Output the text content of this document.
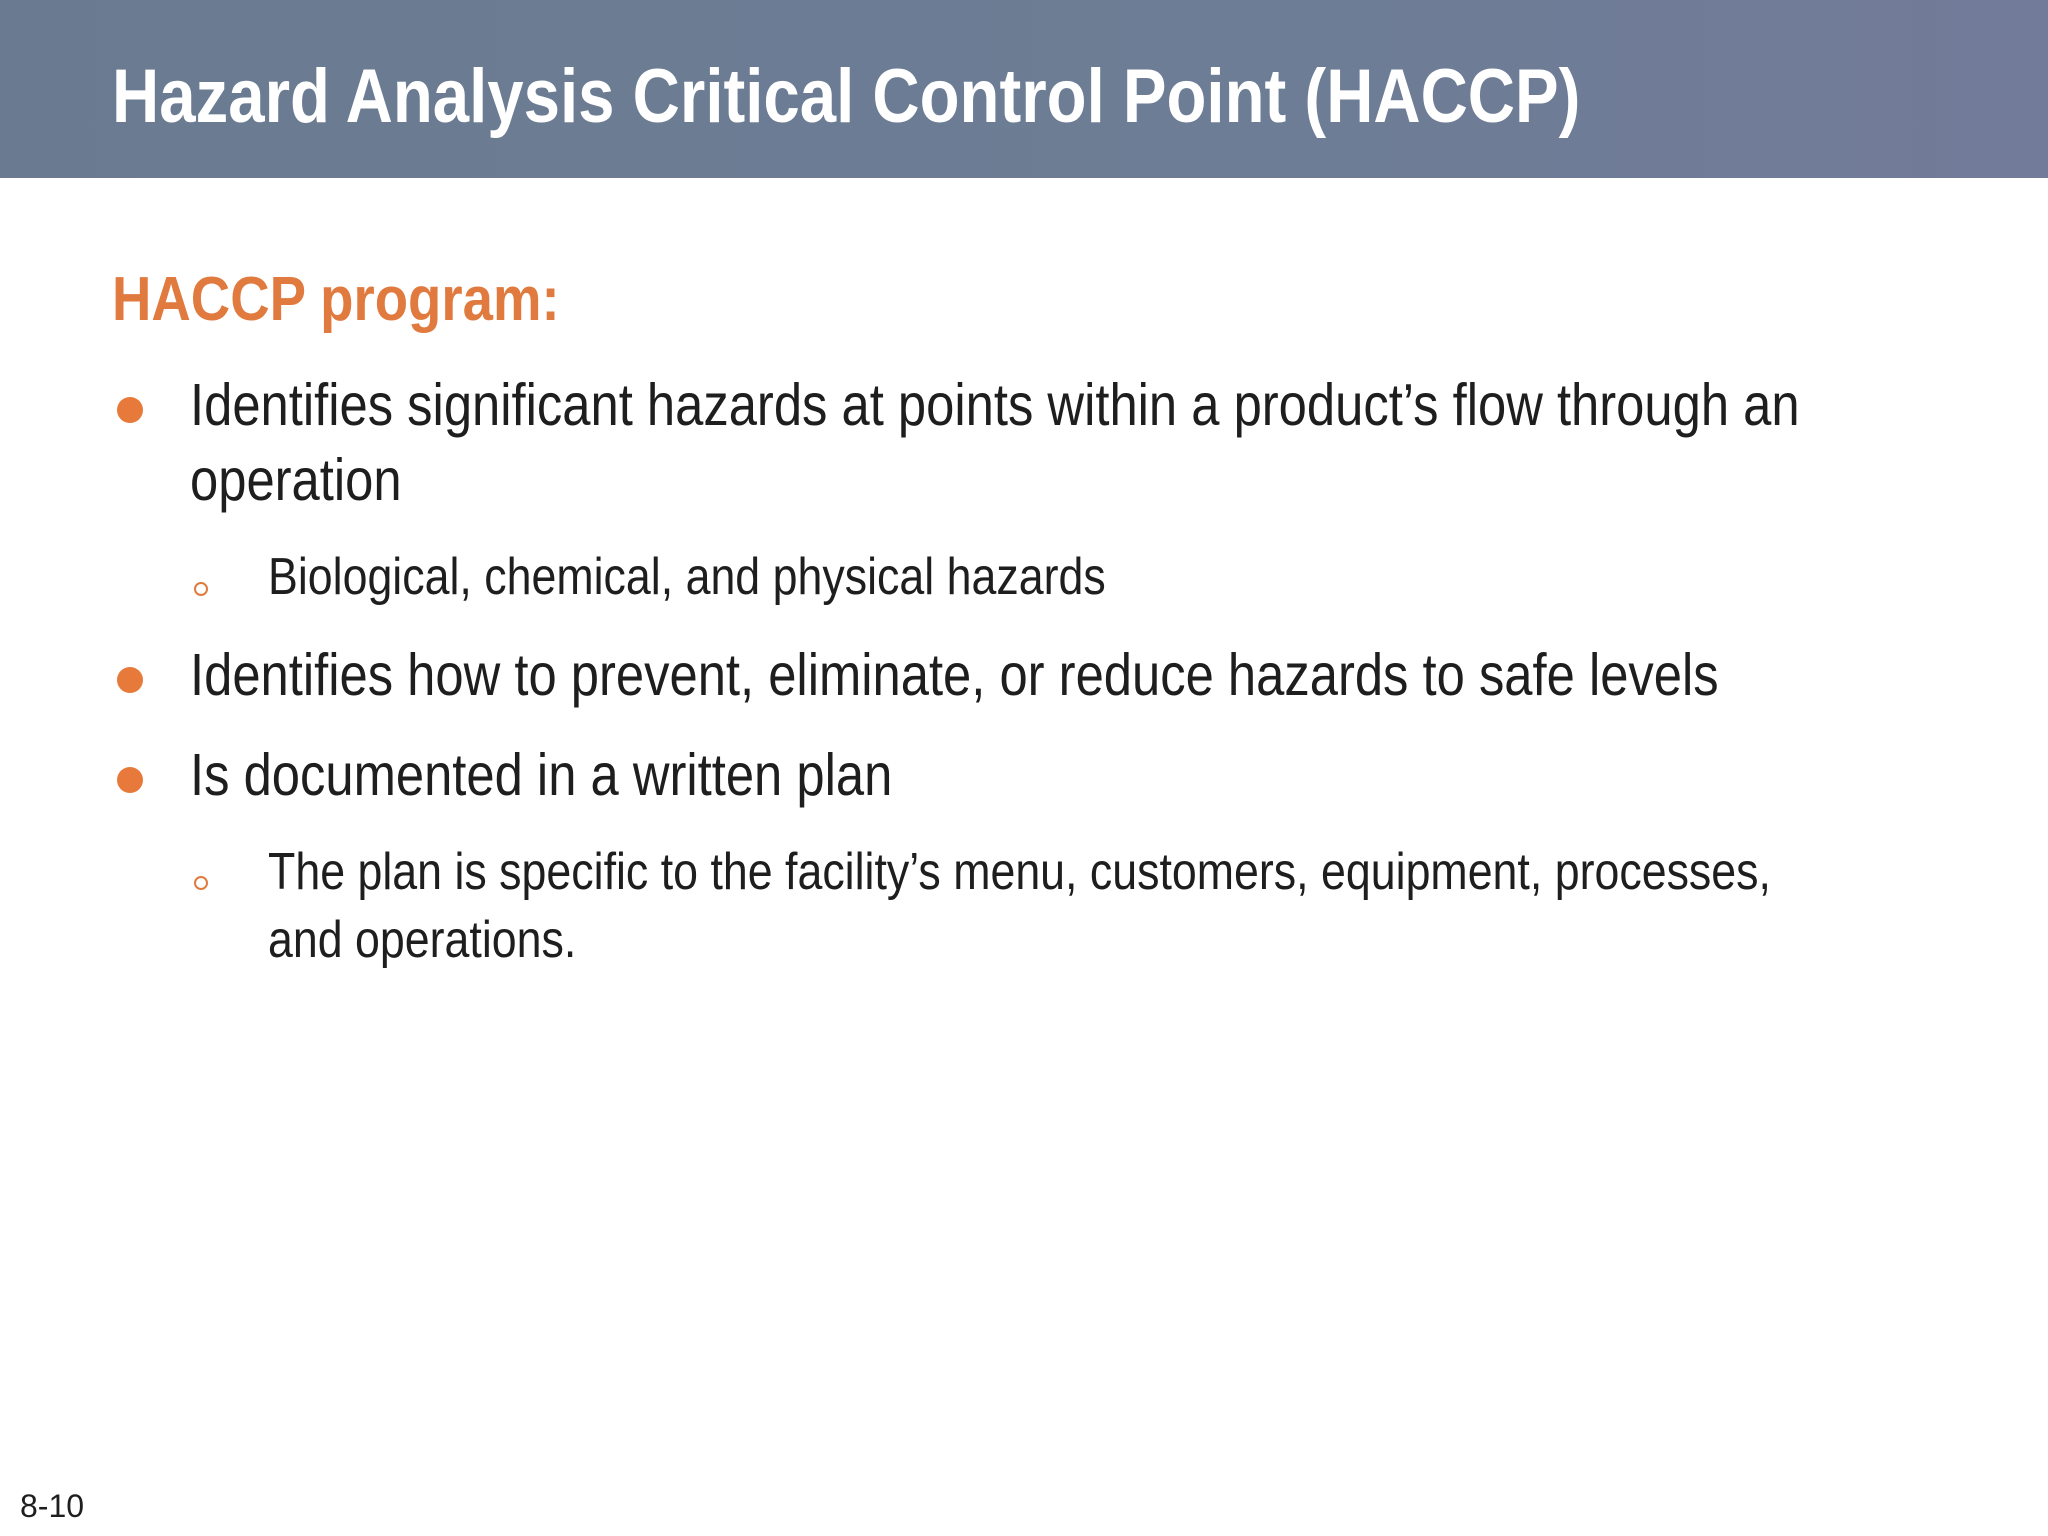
Hazard Analysis Critical Control Point (HACCP)
HACCP program:

Identifies significant hazards at points within a product’s flow through an

operation

Biological, chemical, and physical hazards

Identifies how to prevent, eliminate, or reduce hazards to safe levels

Is documented in a written plan

The plan is specific to the facility’s menu, customers, equipment, processes,

and operations.

8-10
